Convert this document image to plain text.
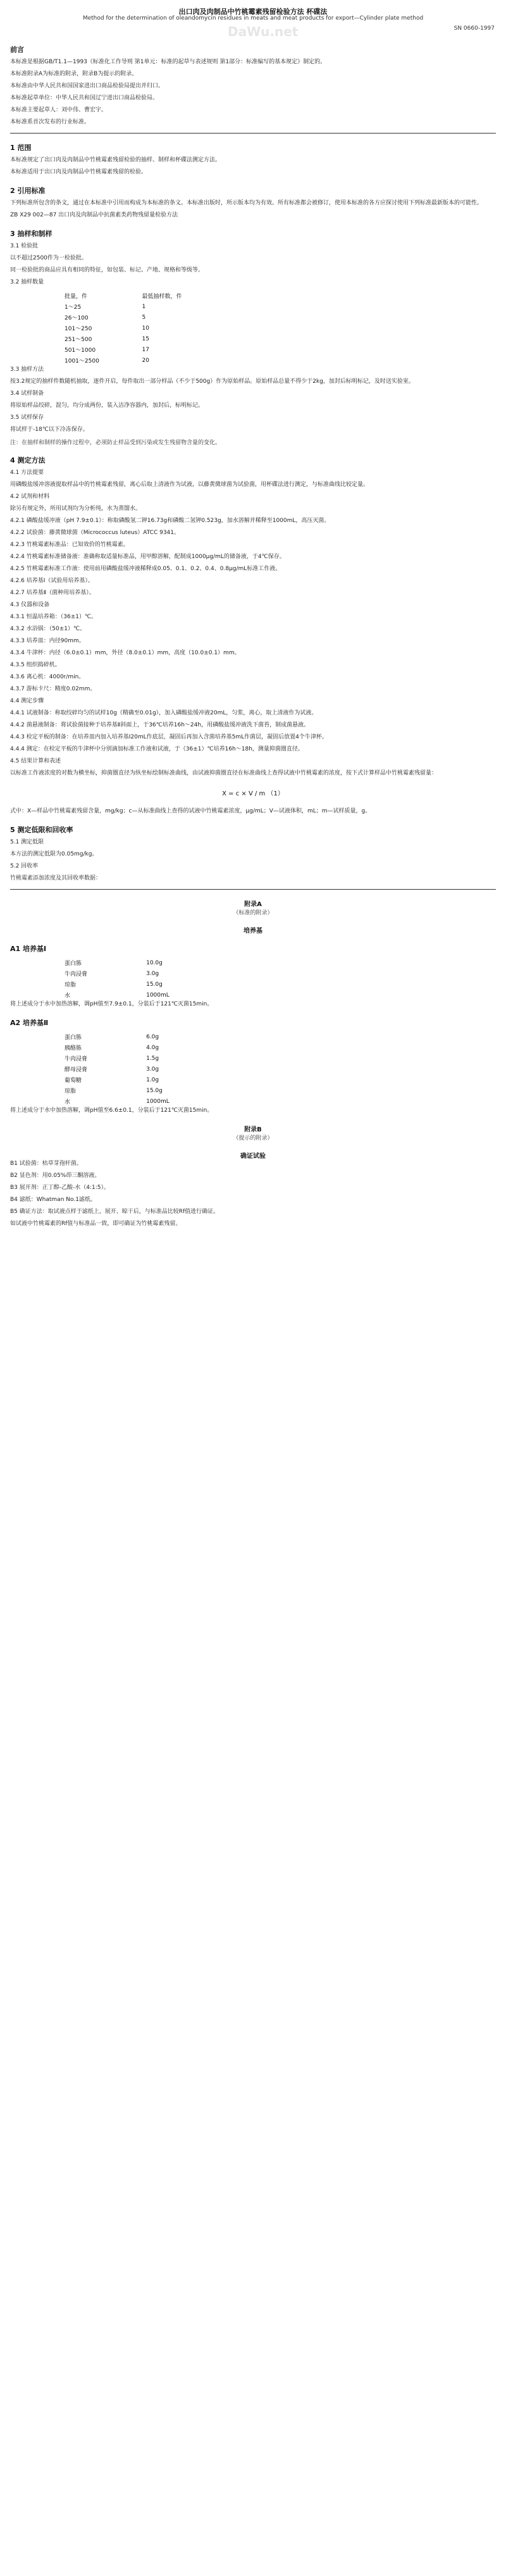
DaWu.net
出口肉及肉制品中竹桃霉素残留检验方法 杯碟法
Method for the determination of oleandomycin residues in meats and meat products for export—Cylinder plate method
SN 0660-1997
前言
本标准是根据GB/T1.1—1993《标准化工作导则 第1单元：标准的起草与表述规则 第1部分：标准编写的基本规定》制定的。
本标准附录A为标准的附录，附录B为提示的附录。
本标准由中华人民共和国国家进出口商品检验局提出并归口。
本标准起草单位：中华人民共和国辽宁进出口商品检验局。
本标准主要起草人：刘中伟、曹宏宇。
本标准系首次发布的行业标准。
1 范围
本标准规定了出口肉及肉制品中竹桃霉素残留检验的抽样、制样和杯碟法测定方法。
本标准适用于出口肉及肉制品中竹桃霉素残留的检验。
2 引用标准
下列标准所包含的条文，通过在本标准中引用而构成为本标准的条文。本标准出版时，所示版本均为有效。所有标准都会被修订，使用本标准的各方应探讨使用下列标准最新版本的可能性。
ZB X29 002—87 出口肉及肉制品中抗菌素类药物残留量检验方法
3 抽样和制样
3.1 检验批
以不超过2500件为一检验批。
同一检验批的商品应具有相同的特征，如包装、标记、产地、规格和等级等。
3.2 抽样数量
批量，件	最低抽样数，件
1～25	1
26～100	5
101～250	10
251～500	15
501～1000	17
1001～2500	20
3.3 抽样方法
按3.2规定的抽样件数随机抽取，逐件开启，每件取出一部分样品（不少于500g）作为原始样品。原始样品总量不得少于2kg，加封后标明标记，及时送实验室。
3.4 试样制备
将原始样品绞碎，混匀，均分成两份，装入洁净容器内，加封后，标明标记。
3.5 试样保存
将试样于-18℃以下冷冻保存。
注：在抽样和制样的操作过程中，必须防止样品受到污染或发生残留物含量的变化。
4 测定方法
4.1 方法提要
用磷酸盐缓冲溶液提取样品中的竹桃霉素残留，离心后取上清液作为试液，以藤黄微球菌为试验菌，用杯碟法进行测定，与标准曲线比较定量。
4.2 试剂和材料
除另有规定外，所用试剂均为分析纯，水为蒸馏水。
4.2.1 磷酸盐缓冲液（pH 7.9±0.1）：称取磷酸氢二钾16.73g和磷酸二氢钾0.523g，加水溶解并稀释至1000mL，高压灭菌。
4.2.2 试验菌：藤黄微球菌（Micrococcus luteus）ATCC 9341。
4.2.3 竹桃霉素标准品：已知效价的竹桃霉素。
4.2.4 竹桃霉素标准储备液：准确称取适量标准品，用甲醇溶解，配制成1000μg/mL的储备液，于4℃保存。
4.2.5 竹桃霉素标准工作液：使用前用磷酸盐缓冲液稀释成0.05、0.1、0.2、0.4、0.8μg/mL标准工作液。
4.2.6 培养基Ⅰ（试验用培养基）。
4.2.7 培养基Ⅱ（菌种用培养基）。
4.3 仪器和设备
4.3.1 恒温培养箱：（36±1）℃。
4.3.2 水浴锅：（50±1）℃。
4.3.3 培养皿：内径90mm。
4.3.4 牛津杯：内径（6.0±0.1）mm，外径（8.0±0.1）mm，高度（10.0±0.1）mm。
4.3.5 组织捣碎机。
4.3.6 离心机：4000r/min。
4.3.7 游标卡尺：精度0.02mm。
4.4 测定步骤
4.4.1 试液制备：称取绞碎均匀的试样10g（精确至0.01g），加入磷酸盐缓冲液20mL，匀浆，离心，取上清液作为试液。
4.4.2 菌悬液制备：将试验菌接种于培养基Ⅱ斜面上，于36℃培养16h～24h，用磷酸盐缓冲液洗下菌苔，制成菌悬液。
4.4.3 检定平板的制备：在培养皿内加入培养基Ⅰ20mL作底层，凝固后再加入含菌培养基5mL作菌层，凝固后放置4个牛津杯。
4.4.4 测定：在检定平板的牛津杯中分别滴加标准工作液和试液，于（36±1）℃培养16h～18h，测量抑菌圈直径。
4.5 结果计算和表述
以标准工作液浓度的对数为横坐标，抑菌圈直径为纵坐标绘制标准曲线，由试液抑菌圈直径在标准曲线上查得试液中竹桃霉素的浓度，按下式计算样品中竹桃霉素残留量：
X = c × V / m （1）
式中：X—样品中竹桃霉素残留含量，mg/kg；c—从标准曲线上查得的试液中竹桃霉素浓度，μg/mL；V—试液体积，mL；m—试样质量，g。
5 测定低限和回收率
5.1 测定低限
本方法的测定低限为0.05mg/kg。
5.2 回收率
竹桃霉素添加浓度及其回收率数据：
附录A
（标准的附录）
培养基
A1 培养基Ⅰ
蛋白胨	10.0g
牛肉浸膏	3.0g
琼脂	15.0g
水	1000mL
将上述成分于水中加热溶解，调pH值至7.9±0.1，分装后于121℃灭菌15min。
A2 培养基Ⅱ
蛋白胨	6.0g
胰酪胨	4.0g
牛肉浸膏	1.5g
酵母浸膏	3.0g
葡萄糖	1.0g
琼脂	15.0g
水	1000mL
将上述成分于水中加热溶解，调pH值至6.6±0.1，分装后于121℃灭菌15min。
附录B
（提示的附录）
确证试验
B1 试验菌：枯草芽孢杆菌。
B2 显色剂：用0.05%茚三酮溶液。
B3 展开剂：正丁醇-乙酸-水（4:1:5）。
B4 滤纸：Whatman No.1滤纸。
B5 确证方法：取试液点样于滤纸上，展开、晾干后，与标准品比较Rf值进行确证。
如试液中竹桃霉素的Rf值与标准品一致，即可确证为竹桃霉素残留。
